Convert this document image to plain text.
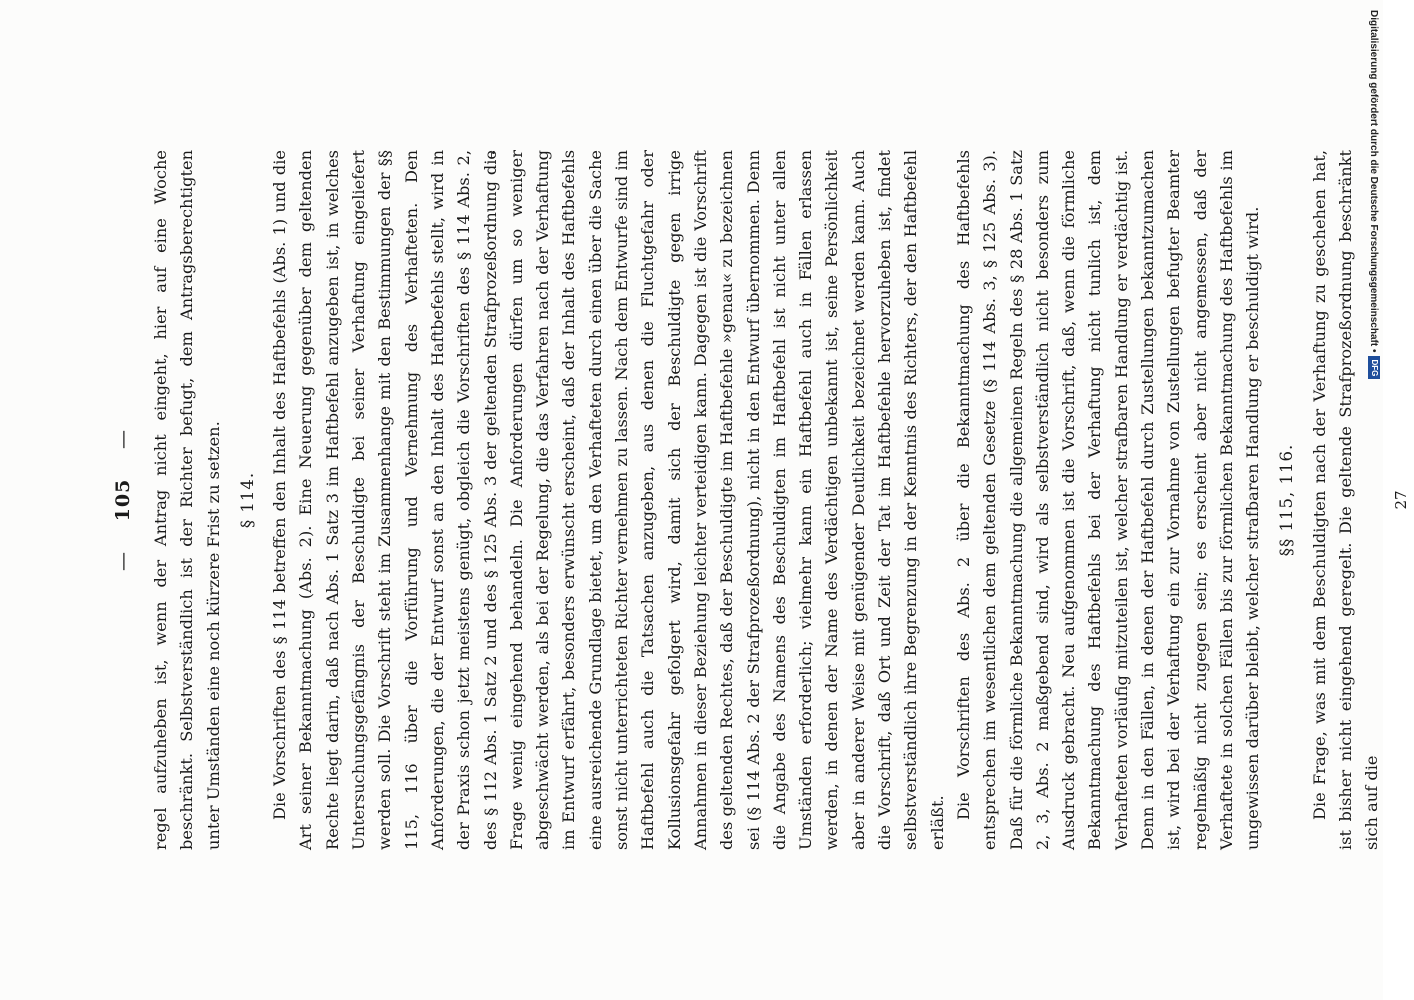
— 105 —	regel aufzuheben ist, wenn der Antrag nicht eingeht, hier auf eine Woche beschränkt. Selbstverständlich ist der Richter befugt, dem Antragsberechtigten unter Umständen eine noch kürzere Frist zu setzen. § 114. Die Vorschriften des § 114 betreffen den Inhalt des Haftbefehls (Abs. 1) und die Art seiner Bekanntmachung (Abs. 2). Eine Neuerung gegenüber dem geltenden Rechte liegt darin, daß nach Abs. 1 Satz 3 im Haftbefehl anzugeben ist, in welches Untersuchungsgefängnis der Beschuldigte bei seiner Verhaftung eingeliefert werden soll. Die Vorschrift steht im Zusammenhange mit den Bestimmungen der §§ 115, 116 über die Vorführung und Vernehmung des Verhafteten. Den Anforderungen, die der Entwurf sonst an den Inhalt des Haftbefehls stellt, wird in der Praxis schon jetzt meistens genügt, obgleich die Vorschriften des § 114 Abs. 2, des § 112 Abs. 1 Satz 2 und des § 125 Abs. 3 der geltenden Strafprozeßordnung die Frage wenig eingehend behandeln. Die Anforderungen dürfen um so weniger abgeschwächt werden, als bei der Regelung, die das Verfahren nach der Verhaftung im Entwurf erfährt, besonders erwünscht erscheint, daß der Inhalt des Haftbefehls eine ausreichende Grundlage bietet, um den Verhafteten durch einen über die Sache sonst nicht unterrichteten Richter vernehmen zu lassen. Nach dem Entwurfe sind im Haftbefehl auch die Tatsachen anzugeben, aus denen die Fluchtgefahr oder Kollusionsgefahr gefolgert wird, damit sich der Beschuldigte gegen irrige Annahmen in dieser Beziehung leichter verteidigen kann. Dagegen ist die Vorschrift des geltenden Rechtes, daß der Beschuldigte im Haftbefehle »genau« zu bezeichnen sei (§ 114 Abs. 2 der Strafprozeßordnung), nicht in den Entwurf übernommen. Denn die Angabe des Namens des Beschuldigten im Haftbefehl ist nicht unter allen Umständen erforderlich; vielmehr kann ein Haftbefehl auch in Fällen erlassen werden, in denen der Name des Verdächtigen unbekannt ist, seine Persönlichkeit aber in anderer Weise mit genügender Deutlichkeit bezeichnet werden kann. Auch die Vorschrift, daß Ort und Zeit der Tat im Haftbefehle hervorzuheben ist, findet selbstverständlich ihre Begrenzung in der Kenntnis des Richters, der den Haftbefehl erläßt.

Die Vorschriften des Abs. 2 über die Bekanntmachung des Haftbefehls entsprechen im wesentlichen dem geltenden Gesetze (§ 114 Abs. 3, § 125 Abs. 3). Daß für die förmliche Bekanntmachung die allgemeinen Regeln des § 28 Abs. 1 Satz 2, 3, Abs. 2 maßgebend sind, wird als selbstverständlich nicht besonders zum Ausdruck gebracht. Neu aufgenommen ist die Vorschrift, daß, wenn die förmliche Bekanntmachung des Haftbefehls bei der Verhaftung nicht tunlich ist, dem Verhafteten vorläufig mitzuteilen ist, welcher strafbaren Handlung er verdächtig ist. Denn in den Fällen, in denen der Haftbefehl durch Zustellungen bekanntzumachen ist, wird bei der Verhaftung ein zur Vornahme von Zustellungen befugter Beamter regelmäßig nicht zugegen sein; es erscheint aber nicht angemessen, daß der Verhaftete in solchen Fällen bis zur förmlichen Bekanntmachung des Haftbefehls im ungewissen darüber bleibt, welcher strafbaren Handlung er beschuldigt wird. §§ 115, 116. Die Frage, was mit dem Beschuldigten nach der Verhaftung zu geschehen hat, ist bisher nicht eingehend geregelt. Die geltende Strafprozeßordnung beschränkt sich auf die

27
Digitalisierung gefördert durch die Deutsche Forschungsgemeinschaft •
DFG
